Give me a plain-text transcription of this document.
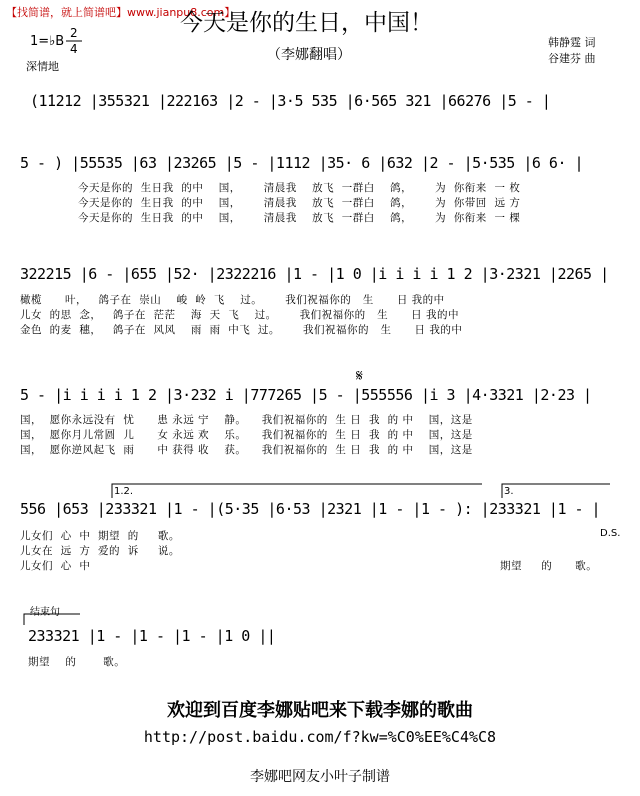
【找简谱，就上简谱吧】www.jianpu8.com】
今天是你的生日，中国！
（李娜翻唱）
韩静霆 词
谷建芬 曲
1=♭B
2
4
深情地
(1̇1212 |355321 |222163 |2 - |3·5 535 |6·565 321 |66276 |5 - |
5 - ) |55535 |63 |23265 |5 - |1112 |35· 6 |632 |2 - |5·535 |6 6· |
今天是你的  生日我  的中    国，      清晨我    放飞  一群白    鸽，      为  你衔来  一 枚
今天是你的  生日我  的中    国，      清晨我    放飞  一群白    鸽，      为  你带回  远 方
今天是你的  生日我  的中    国，      清晨我    放飞  一群白    鸽，      为  你衔来  一 棵
322215 |6 - |655 |52· |2322216 |1 - |1 0 |i i i i 1 2 |3·2321 |2265 |
橄榄      叶，   鸽子在  崇山    峻  岭  飞    过。      我们祝福你的   生      日 我的中
儿女  的思  念，   鸽子在  茫茫    海  天  飞    过。      我们祝福你的   生      日 我的中
金色  的麦  穗，   鸽子在  风风    雨  雨  中飞  过。      我们祝福你的   生      日 我的中
5 - |i i i i 1 2 |3·232 i |777265 |5 - |555556 |i 3 |4·3321 |2·23 |
国，  愿你永远没有  忧      患 永远 宁    静。    我们祝福你的  生 日  我  的 中    国，这是
国，  愿你月儿常圆  儿      女 永远 欢    乐。    我们祝福你的  生 日  我  的 中    国，这是
国，  愿你逆风起飞  雨      中 获得 收    获。    我们祝福你的  生 日  我  的 中    国，这是
1.2.	3.
556 |653 |233321 |1 - |(5·35 |6·53 |2321 |1 - |1 - ): |233321 |1 - |
D.S.
儿女们  心  中  期望  的     歌。
儿女在  远  方  爱的  诉     说。
儿女们  心  中	期望     的      歌。
结束句
233321 |1 - |1 - |1 - |1 0 ||
期望    的       歌。
欢迎到百度李娜贴吧来下载李娜的歌曲
http://post.baidu.com/f?kw=%C0%EE%C4%C8
李娜吧网友小叶子制谱
𝄋
